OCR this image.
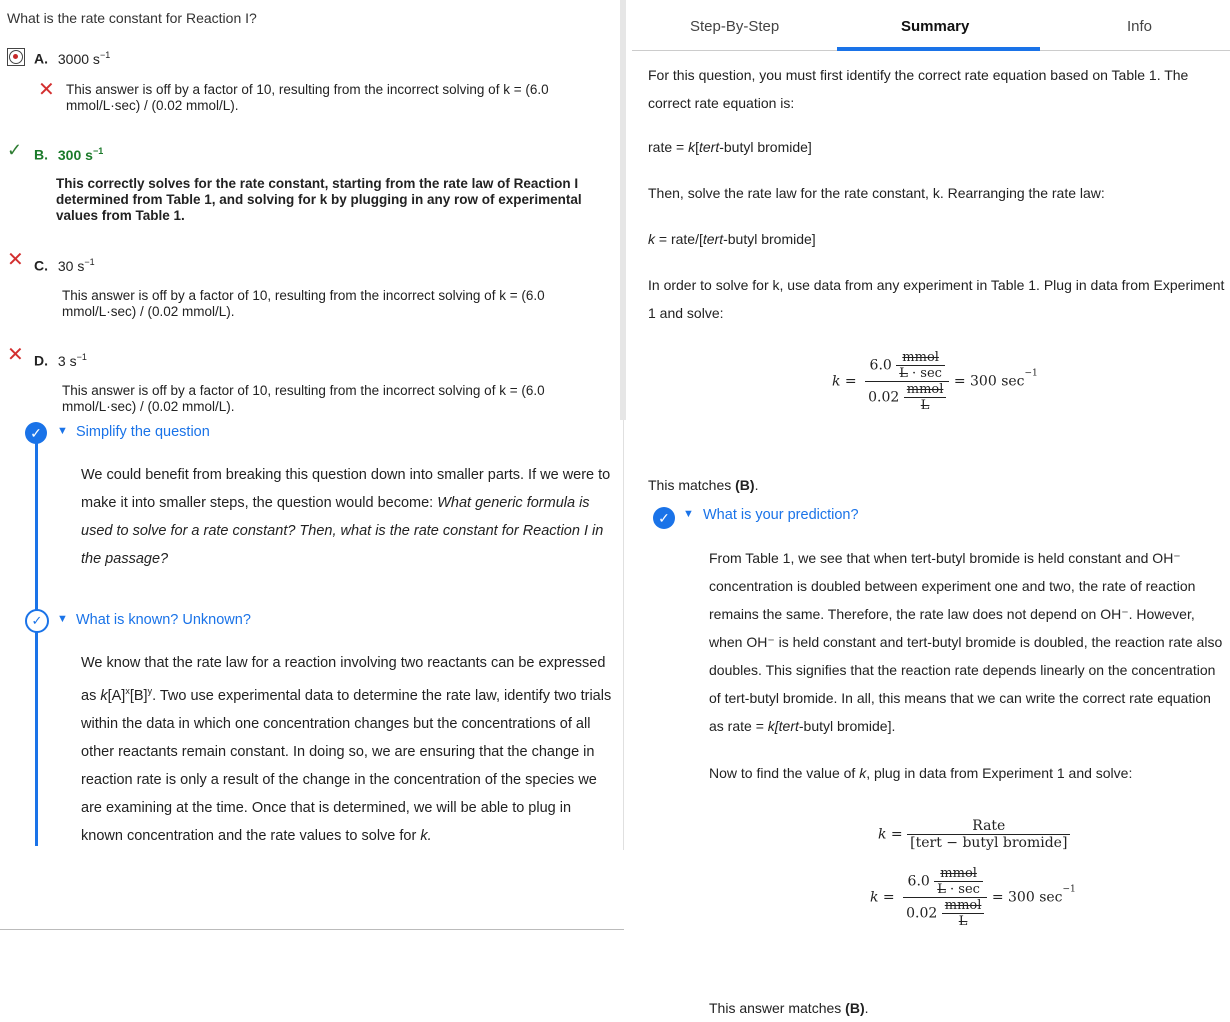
What is the rate constant for Reaction I?
A. 3000 $s^{-1}$
✕ This answer is off by a factor of 10, resulting from the incorrect solving of k = (6.0 mmol/L·sec) / (0.02 mmol/L).
✓ B. 300 $s^{-1}$
This correctly solves for the rate constant, starting from the rate law of Reaction I determined from Table 1, and solving for k by plugging in any row of experimental values from Table 1.
✕ C. 30 $s^{-1}$
This answer is off by a factor of 10, resulting from the incorrect solving of k = (6.0 mmol/L·sec) / (0.02 mmol/L).
✕ D. 3 $s^{-1}$
This answer is off by a factor of 10, resulting from the incorrect solving of k = (6.0 mmol/L·sec) / (0.02 mmol/L).
✓	▼ Simplify the question
We could benefit from breaking this question down into smaller parts. If we were to make it into smaller steps, the question would become: What generic formula is used to solve for a rate constant? Then, what is the rate constant for Reaction I in the passage?
✓	▼ What is known? Unknown?
We know that the rate law for a reaction involving two reactants can be expressed as $k[A]^x[B]^y$. Two use experimental data to determine the rate law, identify two trials within the data in which one concentration changes but the concentrations of all other reactants remain constant. In doing so, we are ensuring that the change in reaction rate is only a result of the change in the concentration of the species we are examining at the time. Once that is determined, we will be able to plug in known concentration and the rate values to solve for k.
Step-By-Step	Summary	Info
For this question, you must first identify the correct rate equation based on Table 1. The correct rate equation is:
rate = k[tert-butyl bromide]
Then, solve the rate law for the rate constant, k. Rearranging the rate law:
k = rate/[tert-butyl bromide]
In order to solve for k, use data from any experiment in Table 1. Plug in data from Experiment 1 and solve:
$k = \frac{6.0 \frac{\text{mmol}}{L \cdot \sec}}{0.02 \frac{\text{mmol}}{L}} = 300$ $\sec^{-1}$
This matches (B).
✓	▼ What is your prediction?
From Table 1, we see that when tert-butyl bromide is held constant and OH⁻ concentration is doubled between experiment one and two, the rate of reaction remains the same. Therefore, the rate law does not depend on OH⁻. However, when OH⁻ is held constant and tert-butyl bromide is doubled, the reaction rate also doubles. This signifies that the reaction rate depends linearly on the concentration of tert-butyl bromide. In all, this means that we can write the correct rate equation as rate = k[tert-butyl bromide].
Now to find the value of k, plug in data from Experiment 1 and solve:
$k = \frac{\text{Rate}}{\text{[tert − butyl bromide]}}$
$k = \frac{6.0 \frac{\text{mmol}}{L \cdot \sec}}{0.02 \frac{\text{mmol}}{L}} = 300$ $\sec^{-1}$
This answer matches (B).
